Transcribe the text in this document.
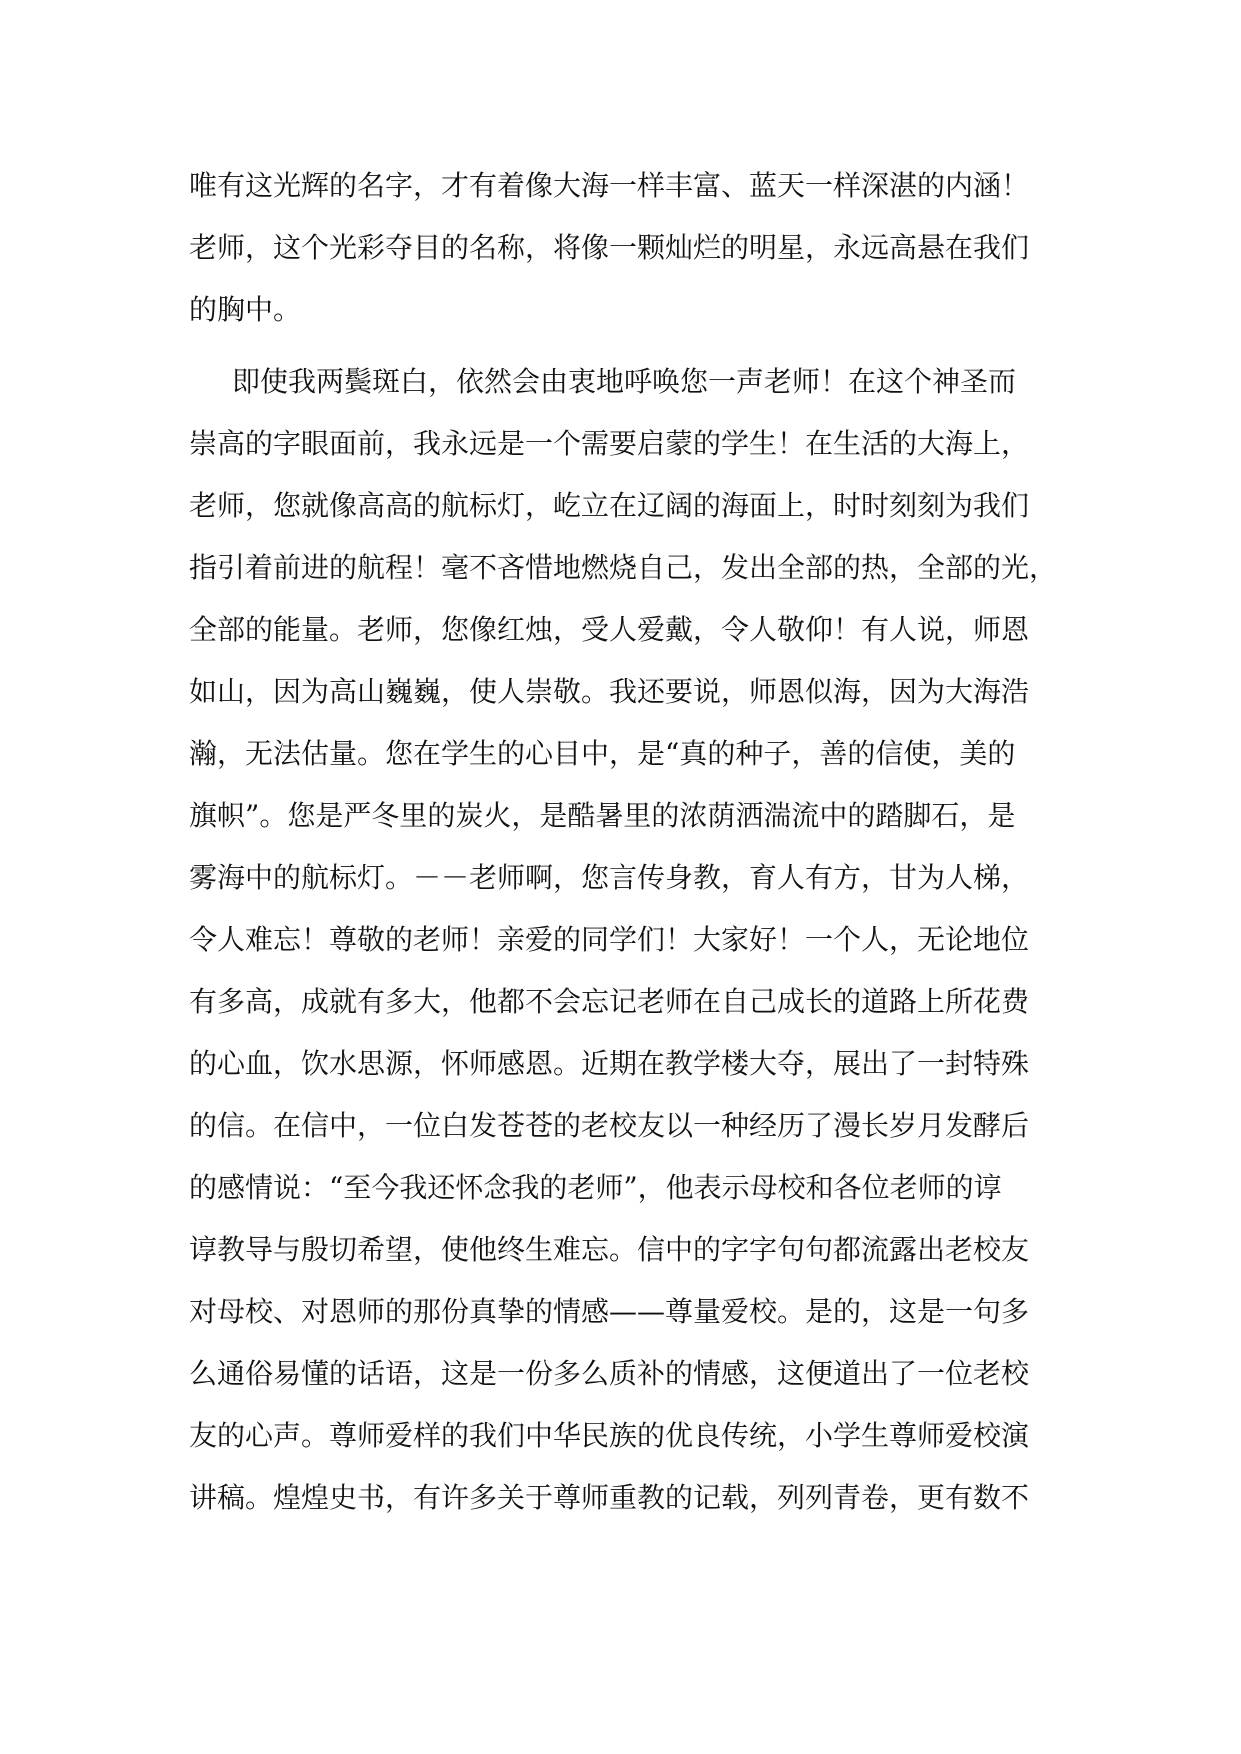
唯有这光辉的名字，才有着像大海一样丰富、蓝天一样深湛的内涵！

老师，这个光彩夺目的名称，将像一颗灿烂的明星，永远高悬在我们

的胸中。

即使我两鬓斑白，依然会由衷地呼唤您一声老师！在这个神圣而

崇高的字眼面前，我永远是一个需要启蒙的学生！在生活的大海上，

老师，您就像高高的航标灯，屹立在辽阔的海面上，时时刻刻为我们

指引着前进的航程！毫不吝惜地燃烧自己，发出全部的热，全部的光，

全部的能量。老师，您像红烛，受人爱戴，令人敬仰！有人说，师恩

如山，因为高山巍巍，使人崇敬。我还要说，师恩似海，因为大海浩

瀚，无法估量。您在学生的心目中，是“真的种子，善的信使，美的

旗帜”。您是严冬里的炭火，是酷暑里的浓荫洒湍流中的踏脚石，是

雾海中的航标灯。－－老师啊，您言传身教，育人有方，甘为人梯，

令人难忘！尊敬的老师！亲爱的同学们！大家好！一个人，无论地位

有多高，成就有多大，他都不会忘记老师在自己成长的道路上所花费

的心血，饮水思源，怀师感恩。近期在教学楼大夺，展出了一封特殊

的信。在信中，一位白发苍苍的老校友以一种经历了漫长岁月发酵后

的感情说：“至今我还怀念我的老师”，他表示母校和各位老师的谆

谆教导与殷切希望，使他终生难忘。信中的字字句句都流露出老校友

对母校、对恩师的那份真挚的情感——尊量爱校。是的，这是一句多

么通俗易懂的话语，这是一份多么质补的情感，这便道出了一位老校

友的心声。尊师爱样的我们中华民族的优良传统，小学生尊师爱校演

讲稿。煌煌史书，有许多关于尊师重教的记载，列列青卷，更有数不
